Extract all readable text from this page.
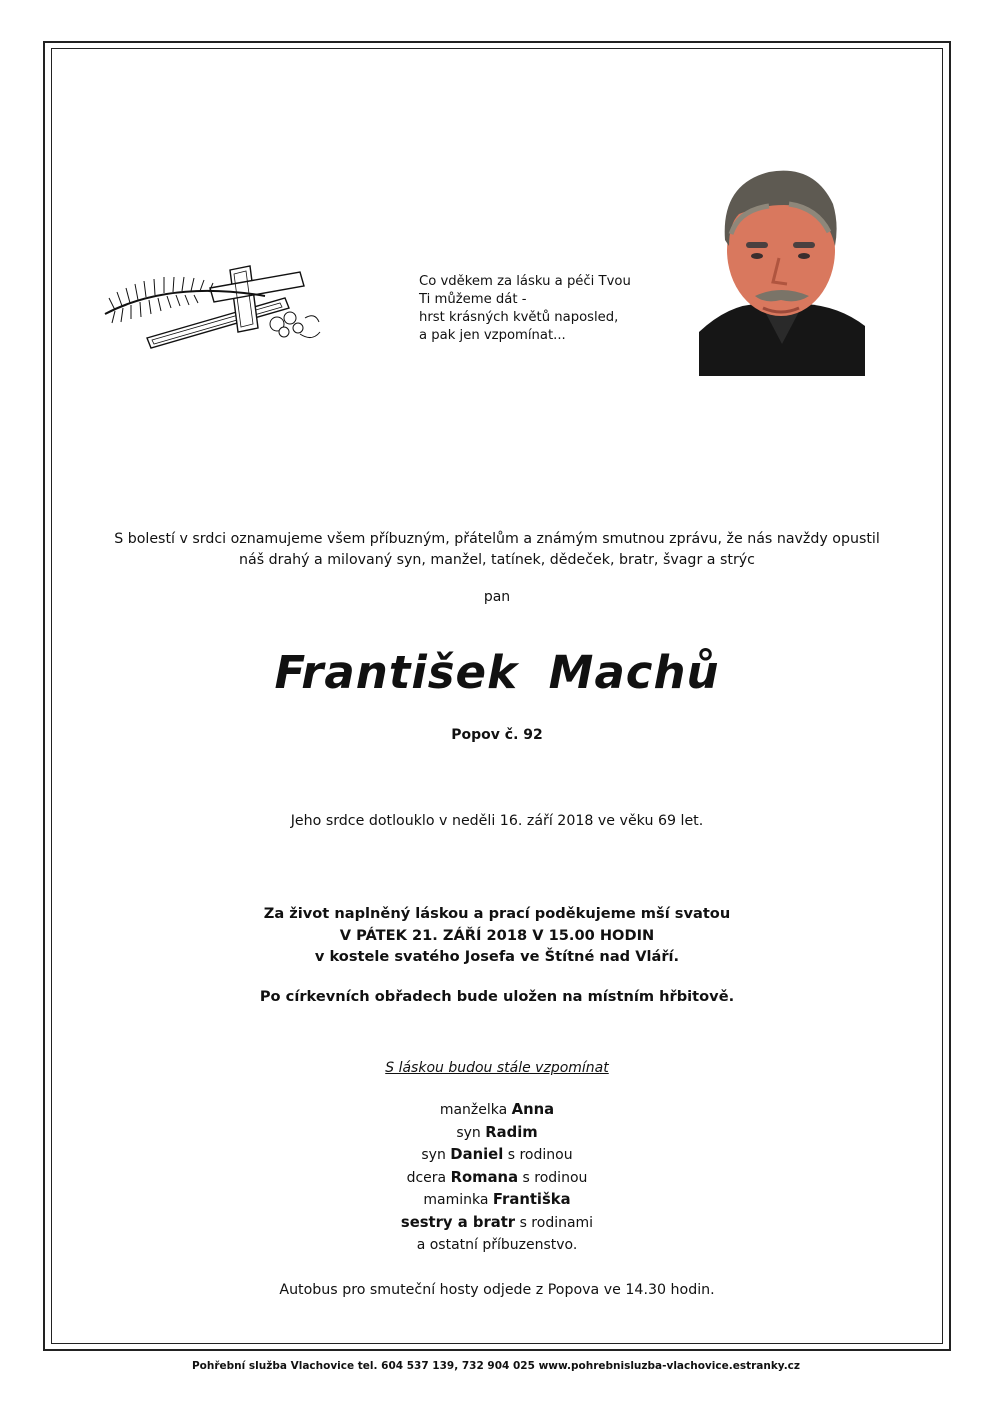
Co vděkem za lásku a péči Tvou
Ti můžeme dát -
hrst krásných květů naposled,
a pak jen vzpomínat...
S bolestí v srdci oznamujeme všem příbuzným, přátelům a známým smutnou zprávu, že nás navždy opustil
náš drahý a milovaný syn, manžel, tatínek, dědeček, bratr, švagr a strýc
pan
František Machů
Popov č. 92
Jeho srdce dotlouklo v neděli 16. září 2018 ve věku 69 let.
Za život naplněný láskou a prací poděkujeme mší svatou
V PÁTEK 21. ZÁŘÍ 2018 V 15.00 HODIN
v kostele svatého Josefa ve Štítné nad Vláří.
Po církevních obřadech bude uložen na místním hřbitově.
S láskou budou stále vzpomínat
manželka Anna
syn Radim
syn Daniel s rodinou
dcera Romana s rodinou
maminka Františka
sestry a bratr s rodinami
a ostatní příbuzenstvo.
Autobus pro smuteční hosty odjede z Popova ve 14.30 hodin.
Pohřební služba Vlachovice tel. 604 537 139, 732 904 025 www.pohrebnisluzba-vlachovice.estranky.cz
